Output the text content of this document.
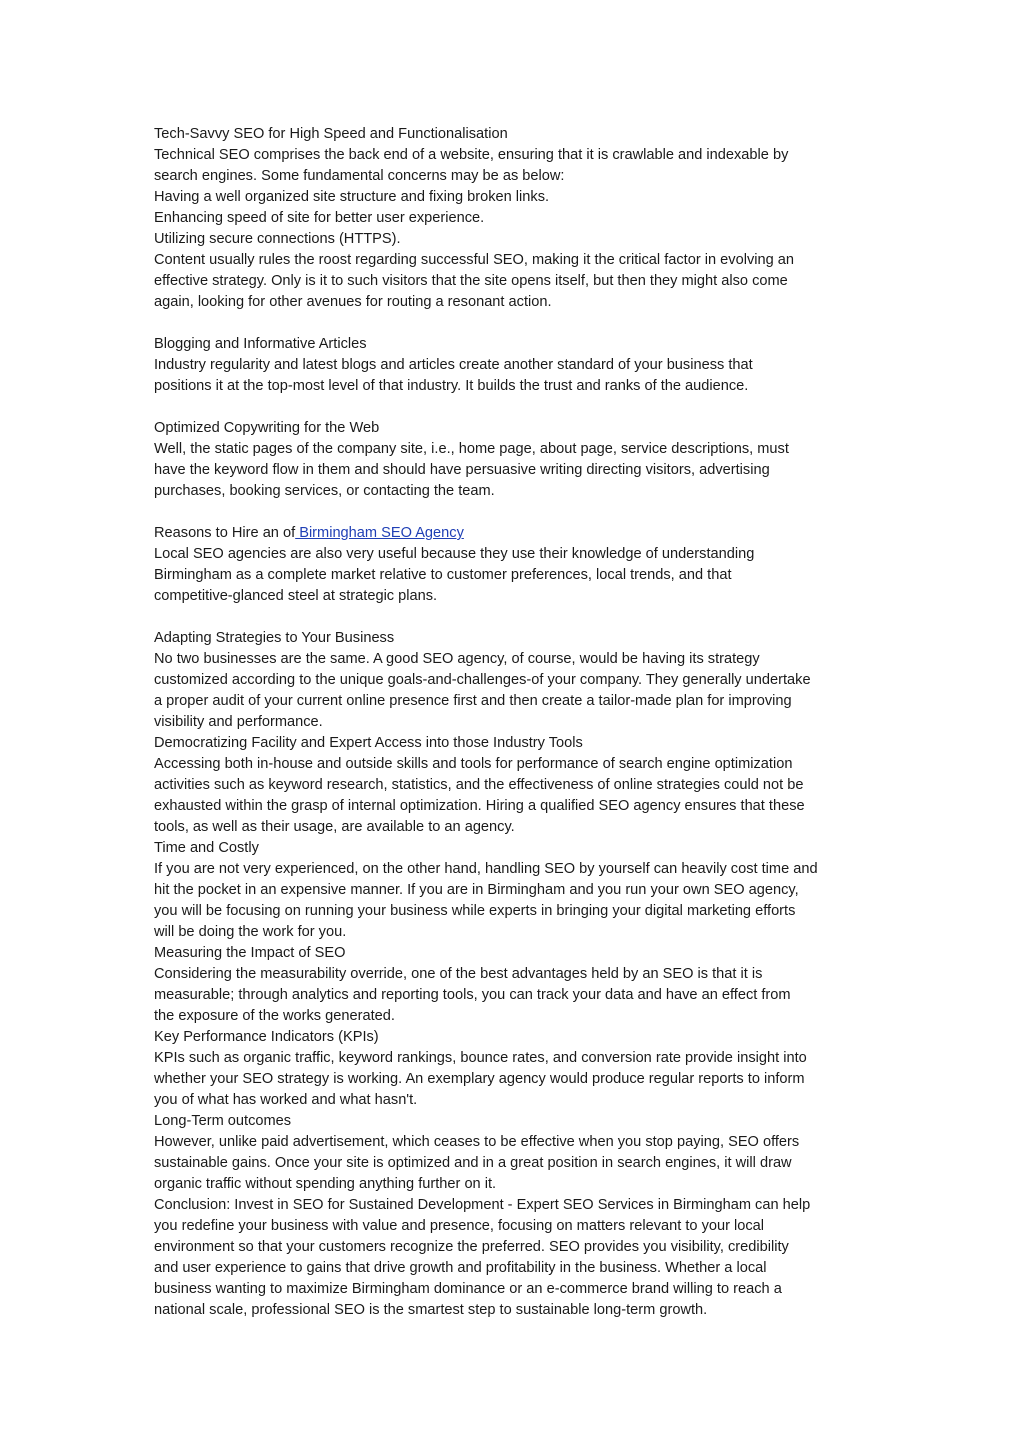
Tech-Savvy SEO for High Speed and Functionalisation
Technical SEO comprises the back end of a website, ensuring that it is crawlable and indexable by
search engines. Some fundamental concerns may be as below:
Having a well organized site structure and fixing broken links.
Enhancing speed of site for better user experience.
Utilizing secure connections (HTTPS).
Content usually rules the roost regarding successful SEO, making it the critical factor in evolving an
effective strategy. Only is it to such visitors that the site opens itself, but then they might also come
again, looking for other avenues for routing a resonant action.
Blogging and Informative Articles
Industry regularity and latest blogs and articles create another standard of your business that
positions it at the top-most level of that industry. It builds the trust and ranks of the audience.
Optimized Copywriting for the Web
Well, the static pages of the company site, i.e., home page, about page, service descriptions, must
have the keyword flow in them and should have persuasive writing directing visitors, advertising
purchases, booking services, or contacting the team.
Reasons to Hire an of Birmingham SEO Agency
Local SEO agencies are also very useful because they use their knowledge of understanding
Birmingham as a complete market relative to customer preferences, local trends, and that
competitive-glanced steel at strategic plans.
Adapting Strategies to Your Business
No two businesses are the same. A good SEO agency, of course, would be having its strategy
customized according to the unique goals-and-challenges-of your company. They generally undertake
a proper audit of your current online presence first and then create a tailor-made plan for improving
visibility and performance.
Democratizing Facility and Expert Access into those Industry Tools
Accessing both in-house and outside skills and tools for performance of search engine optimization
activities such as keyword research, statistics, and the effectiveness of online strategies could not be
exhausted within the grasp of internal optimization. Hiring a qualified SEO agency ensures that these
tools, as well as their usage, are available to an agency.
Time and Costly
If you are not very experienced, on the other hand, handling SEO by yourself can heavily cost time and
hit the pocket in an expensive manner. If you are in Birmingham and you run your own SEO agency,
you will be focusing on running your business while experts in bringing your digital marketing efforts
will be doing the work for you.
Measuring the Impact of SEO
Considering the measurability override, one of the best advantages held by an SEO is that it is
measurable; through analytics and reporting tools, you can track your data and have an effect from
the exposure of the works generated.
Key Performance Indicators (KPIs)
KPIs such as organic traffic, keyword rankings, bounce rates, and conversion rate provide insight into
whether your SEO strategy is working. An exemplary agency would produce regular reports to inform
you of what has worked and what hasn't.
Long-Term outcomes
However, unlike paid advertisement, which ceases to be effective when you stop paying, SEO offers
sustainable gains. Once your site is optimized and in a great position in search engines, it will draw
organic traffic without spending anything further on it.
Conclusion: Invest in SEO for Sustained Development - Expert SEO Services in Birmingham can help
you redefine your business with value and presence, focusing on matters relevant to your local
environment so that your customers recognize the preferred. SEO provides you visibility, credibility
and user experience to gains that drive growth and profitability in the business. Whether a local
business wanting to maximize Birmingham dominance or an e-commerce brand willing to reach a
national scale, professional SEO is the smartest step to sustainable long-term growth.
